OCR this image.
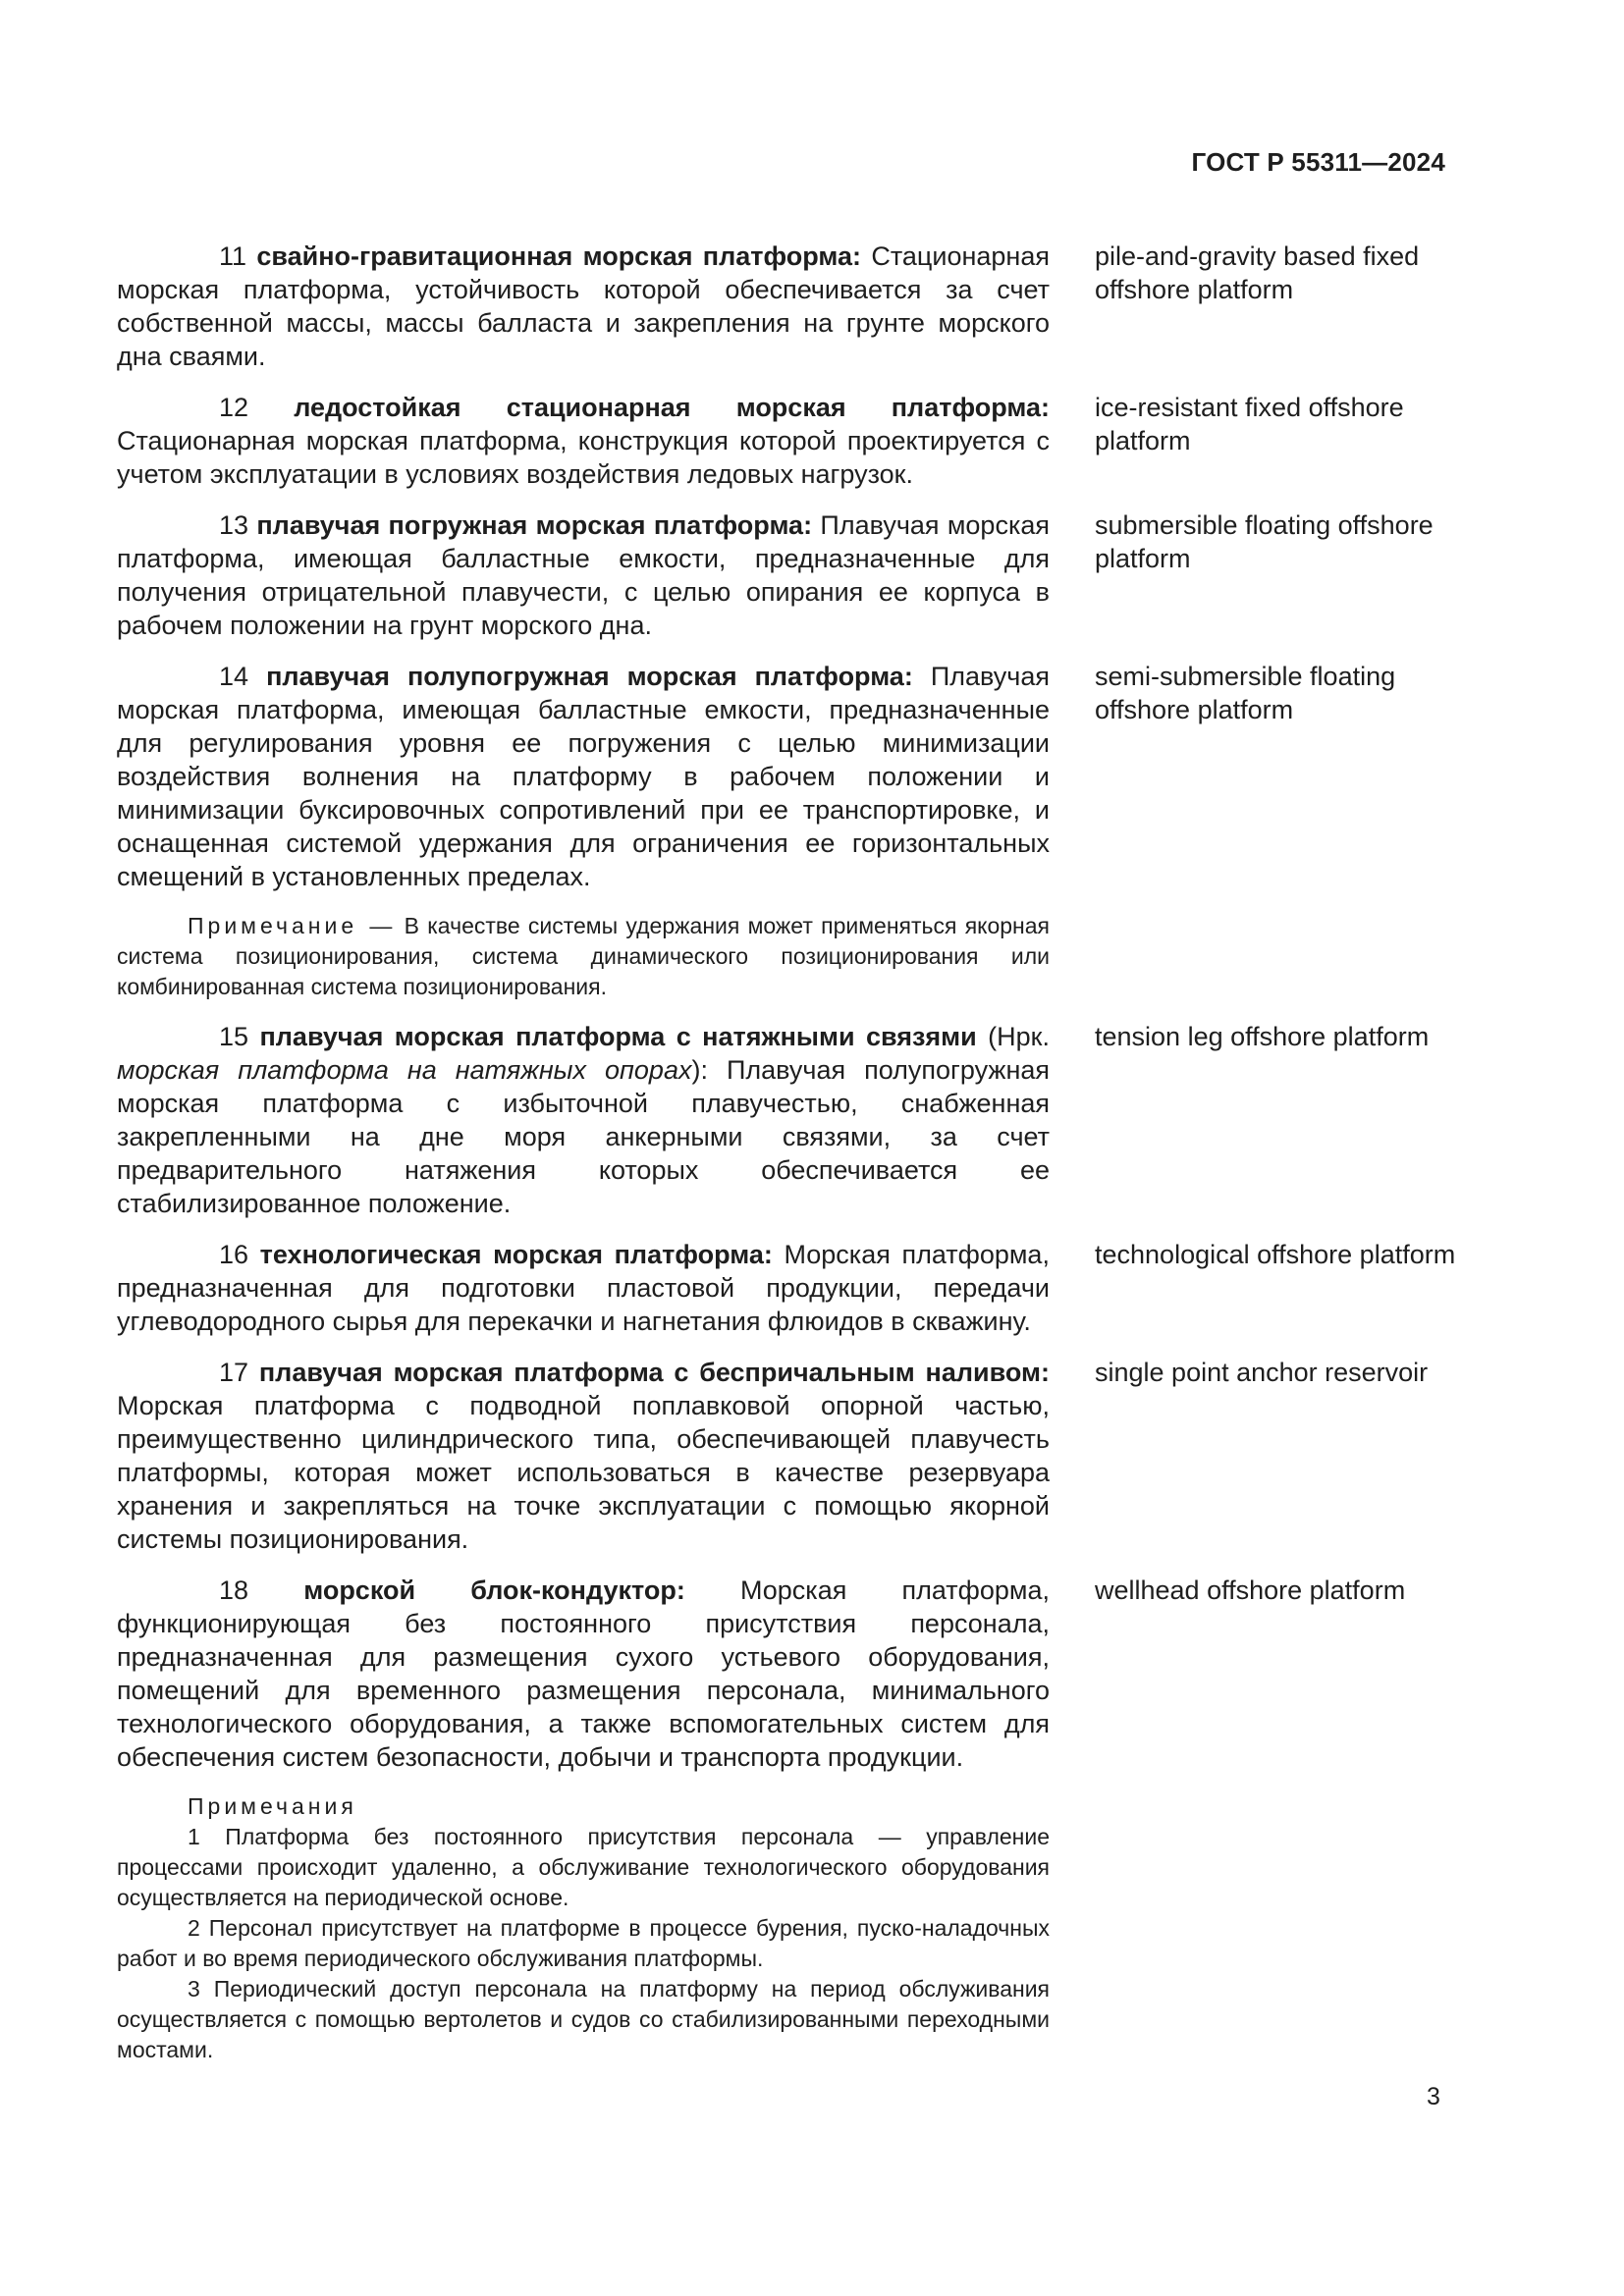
ГОСТ Р 55311—2024

11 свайно-гравитационная морская платформа: Стационарная морская платформа, устойчивость которой обеспечивается за счет собственной массы, массы балласта и закрепления на грунте морского дна сваями.

pile-and-gravity based fixed offshore platform

12 ледостойкая стационарная морская платформа: Стационарная морская платформа, конструкция которой проектируется с учетом эксплуатации в условиях воздействия ледовых нагрузок.

ice-resistant fixed offshore platform

13 плавучая погружная морская платформа: Плавучая морская платформа, имеющая балластные емкости, предназначенные для получения отрицательной плавучести, с целью опирания ее корпуса в рабочем положении на грунт морского дна.

submersible floating offshore platform

14 плавучая полупогружная морская платформа: Плавучая морская платформа, имеющая балластные емкости, предназначенные для регулирования уровня ее погружения с целью минимизации воздействия волнения на платформу в рабочем положении и минимизации буксировочных сопротивлений при ее транспортировке, и оснащенная системой удержания для ограничения ее горизонтальных смещений в установленных пределах.

semi-submersible floating offshore platform

Примечание — В качестве системы удержания может применяться якорная система позиционирования, система динамического позиционирования или комбинированная система позиционирования.

15 плавучая морская платформа с натяжными связями (Нрк. морская платформа на натяжных опорах): Плавучая полупогружная морская платформа с избыточной плавучестью, снабженная закрепленными на дне моря анкерными связями, за счет предварительного натяжения которых обеспечивается ее стабилизированное положение.

tension leg offshore platform

16 технологическая морская платформа: Морская платформа, предназначенная для подготовки пластовой продукции, передачи углеводородного сырья для перекачки и нагнетания флюидов в скважину.

technological offshore platform

17 плавучая морская платформа с беспричальным наливом: Морская платформа с подводной поплавковой опорной частью, преимущественно цилиндрического типа, обеспечивающей плавучесть платформы, которая может использоваться в качестве резервуара хранения и закрепляться на точке эксплуатации с помощью якорной системы позиционирования.

single point anchor reservoir

18 морской блок-кондуктор: Морская платформа, функционирующая без постоянного присутствия персонала, предназначенная для размещения сухого устьевого оборудования, помещений для временного размещения персонала, минимального технологического оборудования, а также вспомогательных систем для обеспечения систем безопасности, добычи и транспорта продукции.

wellhead offshore platform

Примечания

1 Платформа без постоянного присутствия персонала — управление процессами происходит удаленно, а обслуживание технологического оборудования осуществляется на периодической основе.

2 Персонал присутствует на платформе в процессе бурения, пуско-наладочных работ и во время периодического обслуживания платформы.

3 Периодический доступ персонала на платформу на период обслуживания осуществляется с помощью вертолетов и судов со стабилизированными переходными мостами.

3
